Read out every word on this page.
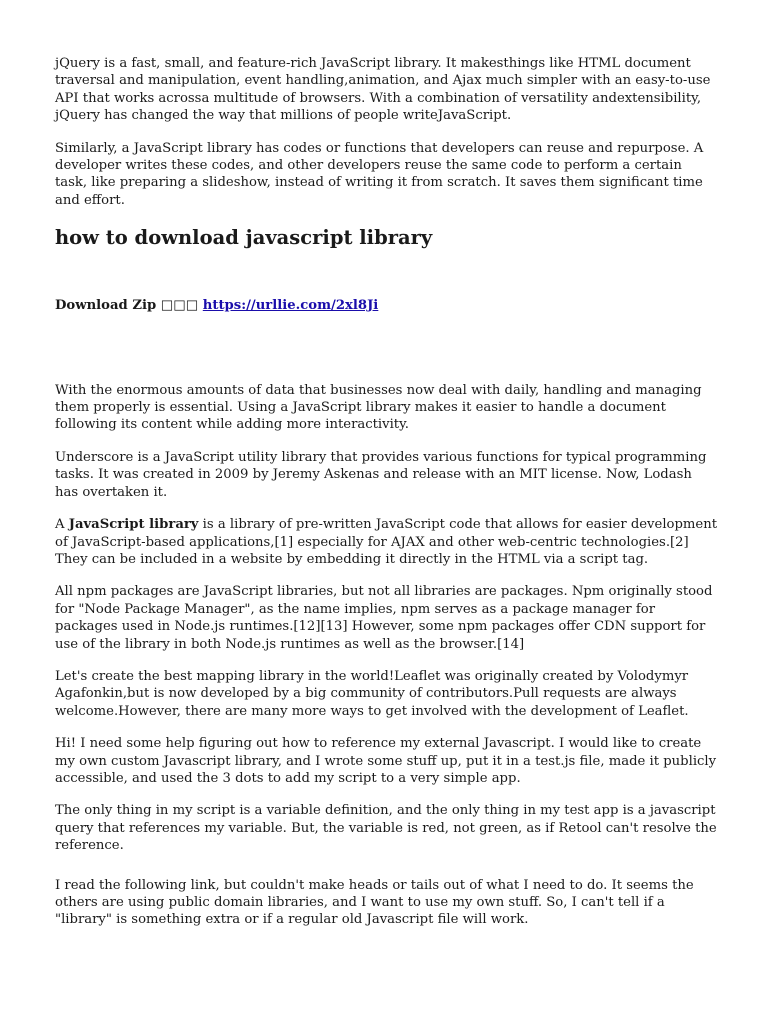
jQuery is a fast, small, and feature-rich JavaScript library. It makesthings like HTML document traversal and manipulation, event handling,animation, and Ajax much simpler with an easy-to-use API that works acrossa multitude of browsers. With a combination of versatility andextensibility, jQuery has changed the way that millions of people writeJavaScript.

Similarly, a JavaScript library has codes or functions that developers can reuse and repurpose. A developer writes these codes, and other developers reuse the same code to perform a certain task, like preparing a slideshow, instead of writing it from scratch. It saves them significant time and effort.

how to download javascript library

Download Zip □□□ https://urllie.com/2xl8Ji

With the enormous amounts of data that businesses now deal with daily, handling and managing them properly is essential. Using a JavaScript library makes it easier to handle a document following its content while adding more interactivity.

Underscore is a JavaScript utility library that provides various functions for typical programming tasks. It was created in 2009 by Jeremy Askenas and release with an MIT license. Now, Lodash has overtaken it.

A JavaScript library is a library of pre-written JavaScript code that allows for easier development of JavaScript-based applications,[1] especially for AJAX and other web-centric technologies.[2] They can be included in a website by embedding it directly in the HTML via a script tag.

All npm packages are JavaScript libraries, but not all libraries are packages. Npm originally stood for "Node Package Manager", as the name implies, npm serves as a package manager for packages used in Node.js runtimes.[12][13] However, some npm packages offer CDN support for use of the library in both Node.js runtimes as well as the browser.[14]

Let's create the best mapping library in the world!Leaflet was originally created by Volodymyr Agafonkin,but is now developed by a big community of contributors.Pull requests are always welcome.However, there are many more ways to get involved with the development of Leaflet.

Hi! I need some help figuring out how to reference my external Javascript. I would like to create my own custom Javascript library, and I wrote some stuff up, put it in a test.js file, made it publicly accessible, and used the 3 dots to add my script to a very simple app.

The only thing in my script is a variable definition, and the only thing in my test app is a javascript query that references my variable. But, the variable is red, not green, as if Retool can't resolve the reference.

I read the following link, but couldn't make heads or tails out of what I need to do. It seems the others are using public domain libraries, and I want to use my own stuff. So, I can't tell if a "library" is something extra or if a regular old Javascript file will work.
